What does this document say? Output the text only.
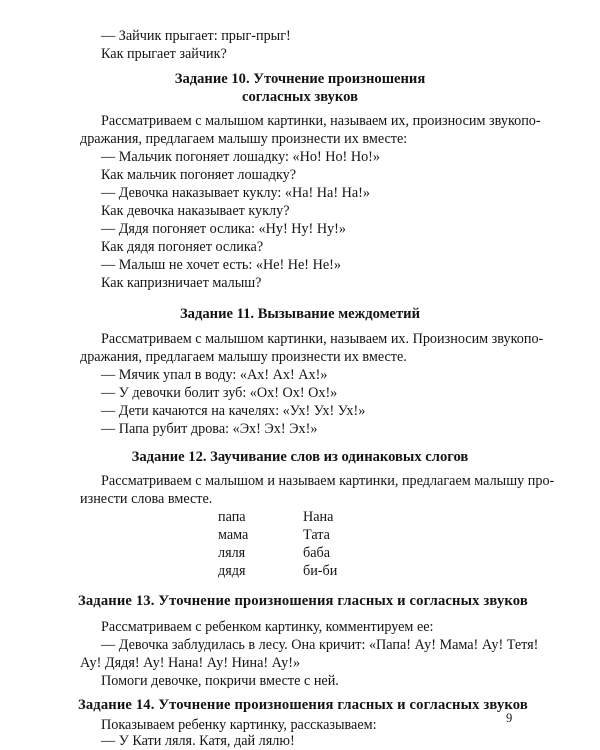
— Зайчик прыгает: прыг-прыг!
Как прыгает зайчик?
Задание 10. Уточнение произношения
согласных звуков
Рассматриваем с малышом картинки, называем их, произносим звукопо-
дражания, предлагаем малышу произнести их вместе:
— Мальчик погоняет лошадку: «Но! Но! Но!»
Как мальчик погоняет лошадку?
— Девочка наказывает куклу: «На! На! На!»
Как девочка наказывает куклу?
— Дядя погоняет ослика: «Ну! Ну! Ну!»
Как дядя погоняет ослика?
— Малыш не хочет есть: «Не! Не! Не!»
Как капризничает малыш?
Задание 11. Вызывание междометий
Рассматриваем с малышом картинки, называем их. Произносим звукопо-
дражания, предлагаем малышу произнести их вместе.
— Мячик упал в воду: «Ах! Ах! Ах!»
— У девочки болит зуб: «Ох! Ох! Ох!»
— Дети качаются на качелях: «Ух! Ух! Ух!»
— Папа рубит дрова: «Эх! Эх! Эх!»
Задание 12. Заучивание слов из одинаковых слогов
Рассматриваем с малышом и называем картинки, предлагаем малышу про-
изнести слова вместе.
папа
мама
ляля
дядя
Нана
Тата
баба
би-би
Задание 13. Уточнение произношения гласных и согласных звуков
Рассматриваем с ребенком картинку, комментируем ее:
— Девочка заблудилась в лесу. Она кричит: «Папа! Ау! Мама! Ау! Тетя!
Ау! Дядя! Ау! Нана! Ау! Нина! Ау!»
Помоги девочке, покричи вместе с ней.
Задание 14. Уточнение произношения гласных и согласных звуков
Показываем ребенку картинку, рассказываем:
— У Кати ляля. Катя, дай лялю!
9
